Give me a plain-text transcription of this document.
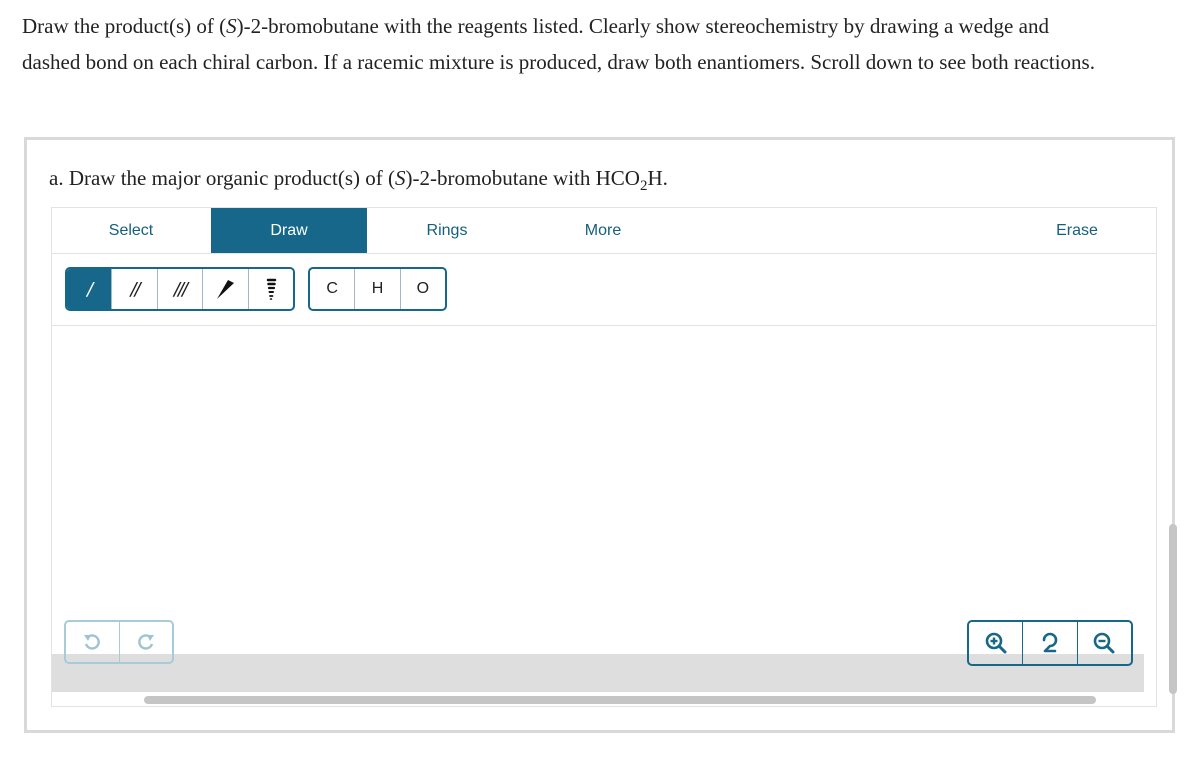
Draw the product(s) of (S)-2-bromobutane with the reagents listed. Clearly show stereochemistry by drawing a wedge and
dashed bond on each chiral carbon. If a racemic mixture is produced, draw both enantiomers. Scroll down to see both reactions.
a. Draw the major organic product(s) of (S)-2-bromobutane with $HCO_2H$.
Select	Draw	Rings	More	Erase
/ // ///	C	H	O
